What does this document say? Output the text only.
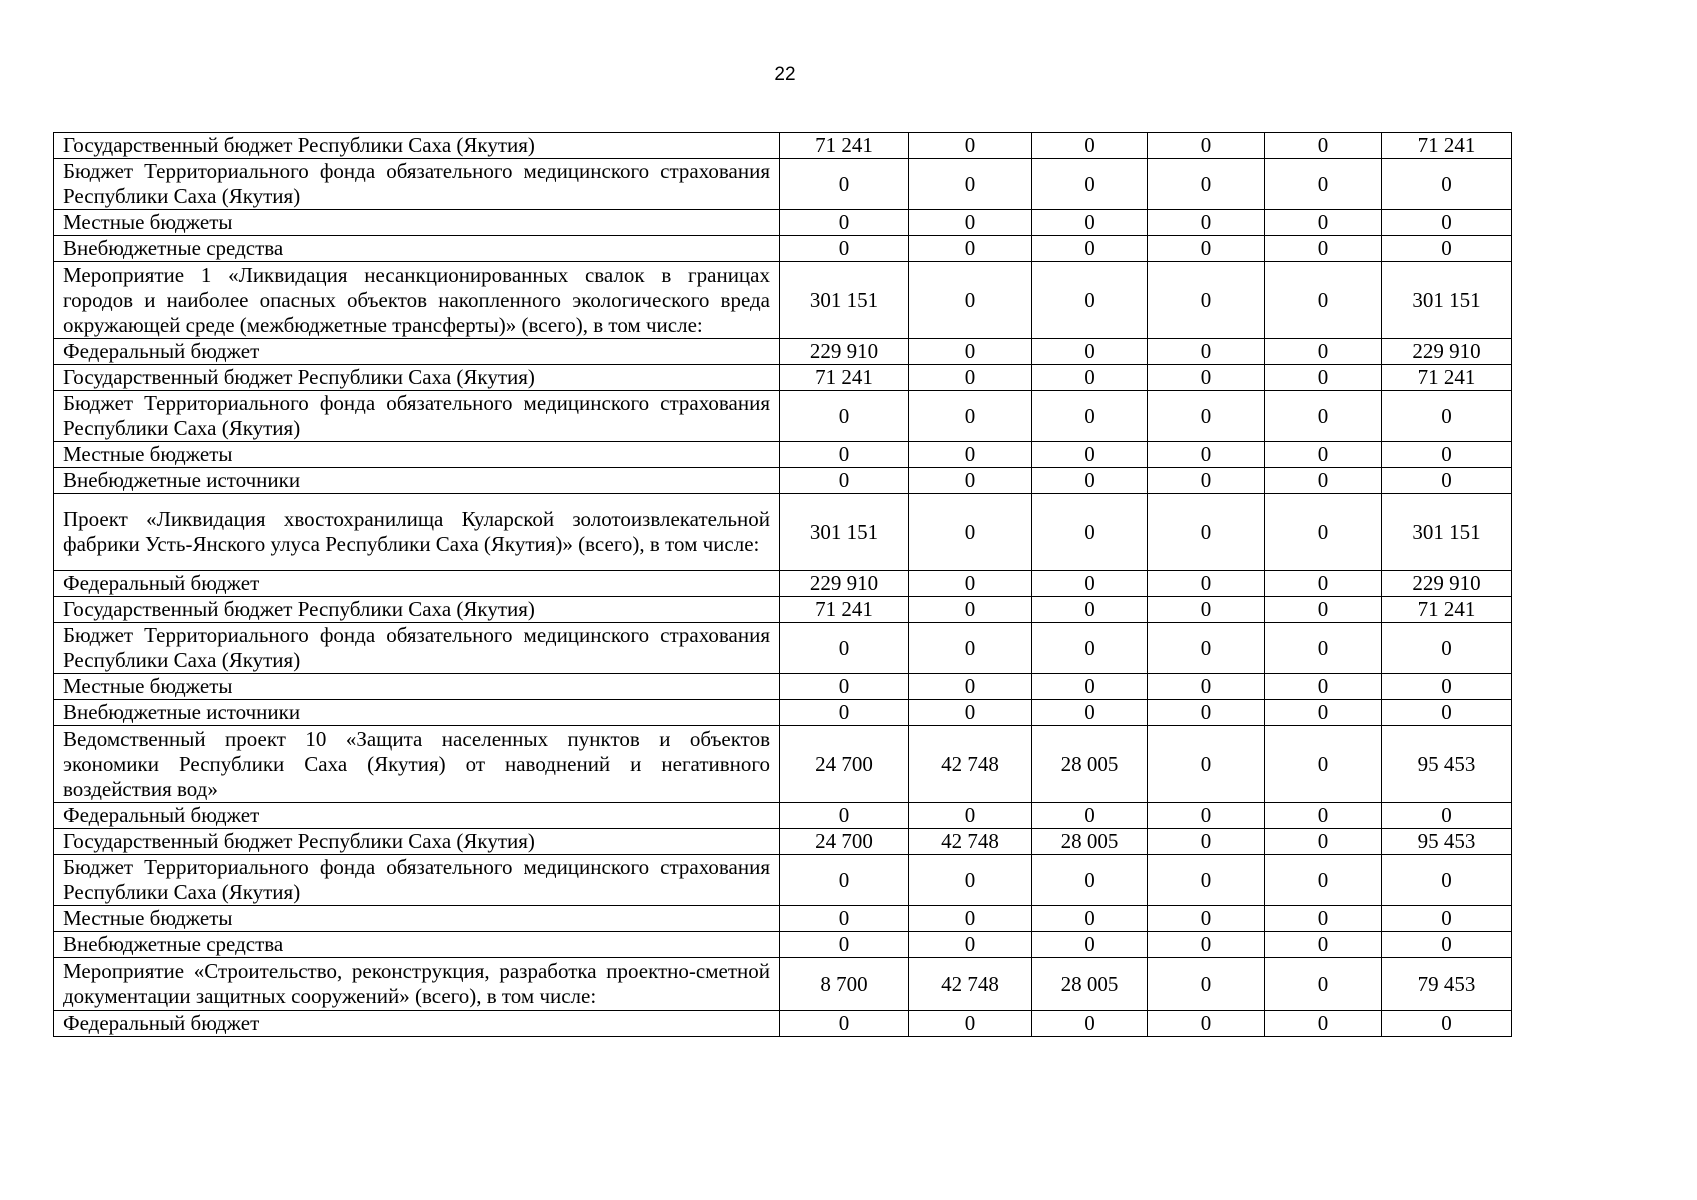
22
Государственный бюджет Республики Саха (Якутия)	71 241	0	0	0	0	71 241
Бюджет Территориального фонда обязательного медицинского страхования Республики Саха (Якутия)	0	0	0	0	0	0
Местные бюджеты	0	0	0	0	0	0
Внебюджетные средства	0	0	0	0	0	0
Мероприятие 1 «Ликвидация несанкционированных свалок в границах городов и наиболее опасных объектов накопленного экологического вреда окружающей среде (межбюджетные трансферты)» (всего), в том числе:	301 151	0	0	0	0	301 151
Федеральный бюджет	229 910	0	0	0	0	229 910
Государственный бюджет Республики Саха (Якутия)	71 241	0	0	0	0	71 241
Бюджет Территориального фонда обязательного медицинского страхования Республики Саха (Якутия)	0	0	0	0	0	0
Местные бюджеты	0	0	0	0	0	0
Внебюджетные источники	0	0	0	0	0	0
Проект «Ликвидация хвостохранилища Куларской золотоизвлекательной фабрики Усть-Янского улуса Республики Саха (Якутия)» (всего), в том числе:	301 151	0	0	0	0	301 151
Федеральный бюджет	229 910	0	0	0	0	229 910
Государственный бюджет Республики Саха (Якутия)	71 241	0	0	0	0	71 241
Бюджет Территориального фонда обязательного медицинского страхования Республики Саха (Якутия)	0	0	0	0	0	0
Местные бюджеты	0	0	0	0	0	0
Внебюджетные источники	0	0	0	0	0	0
Ведомственный проект 10 «Защита населенных пунктов и объектов экономики Республики Саха (Якутия) от наводнений и негативного воздействия вод»	24 700	42 748	28 005	0	0	95 453
Федеральный бюджет	0	0	0	0	0	0
Государственный бюджет Республики Саха (Якутия)	24 700	42 748	28 005	0	0	95 453
Бюджет Территориального фонда обязательного медицинского страхования Республики Саха (Якутия)	0	0	0	0	0	0
Местные бюджеты	0	0	0	0	0	0
Внебюджетные средства	0	0	0	0	0	0
Мероприятие «Строительство, реконструкция, разработка проектно-сметной документации защитных сооружений» (всего), в том числе:	8 700	42 748	28 005	0	0	79 453
Федеральный бюджет	0	0	0	0	0	0
